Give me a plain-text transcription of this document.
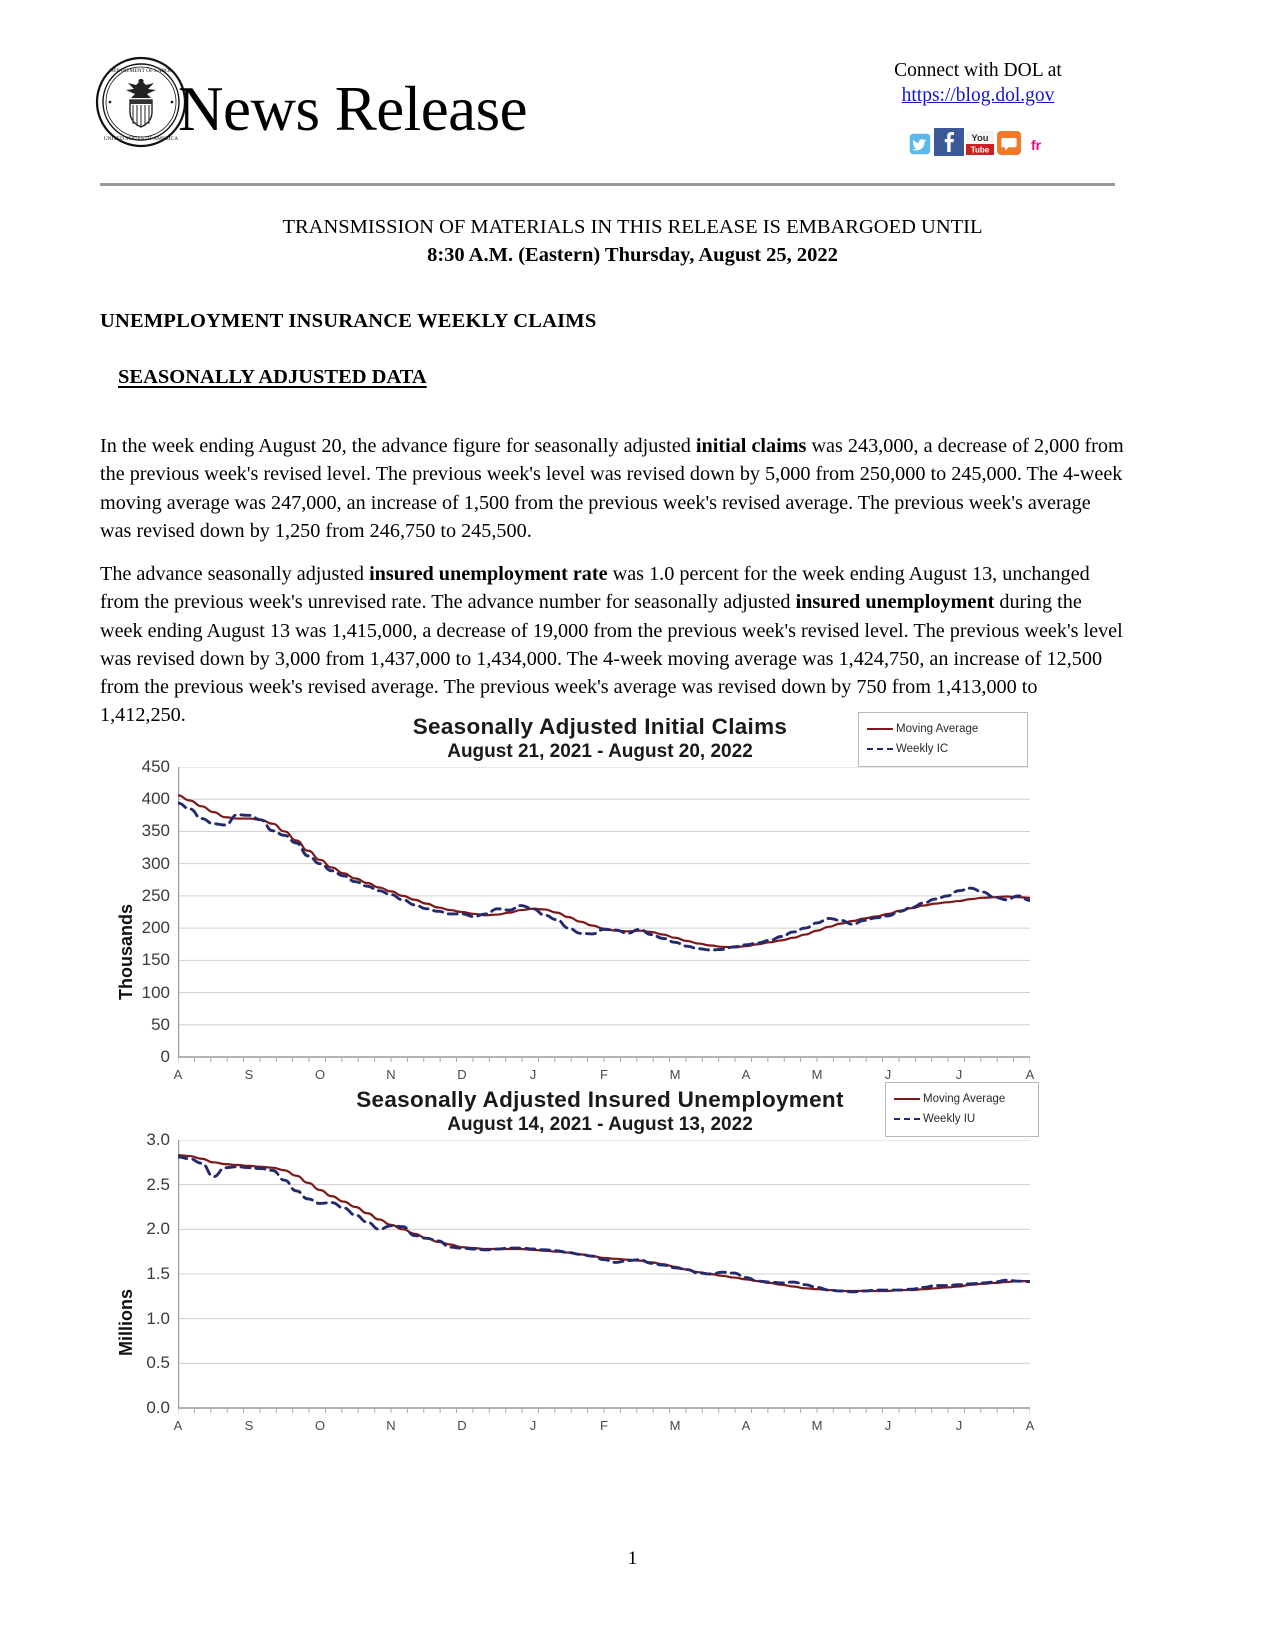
DEPARTMENT OF LABOR
UNITED STATES OF AMERICA News Release
Connect with DOL at
https://blog.dol.gov
You
Tube	fr
TRANSMISSION OF MATERIALS IN THIS RELEASE IS EMBARGOED UNTIL
8:30 A.M. (Eastern) Thursday, August 25, 2022
UNEMPLOYMENT INSURANCE WEEKLY CLAIMS
SEASONALLY ADJUSTED DATA

In the week ending August 20, the advance figure for seasonally adjusted initial claims was 243,000, a decrease of 2,000 from the previous week's revised level. The previous week's level was revised down by 5,000 from 250,000 to 245,000. The 4-week moving average was 247,000, an increase of 1,500 from the previous week's revised average. The previous week's average was revised down by 1,250 from 246,750 to 245,500.

The advance seasonally adjusted insured unemployment rate was 1.0 percent for the week ending August 13, unchanged from the previous week's unrevised rate. The advance number for seasonally adjusted insured unemployment during the week ending August 13 was 1,415,000, a decrease of 19,000 from the previous week's revised level. The previous week's level was revised down by 3,000 from 1,437,000 to 1,434,000. The 4-week moving average was 1,424,750, an increase of 12,500 from the previous week's revised average. The previous week's average was revised down by 750 from 1,413,000 to 1,412,250.	Seasonally Adjusted Initial Claims
August 21, 2021 - August 20, 2022
Moving Average
Weekly IC
Thousands
0
50
100
150
200
250
300
350
400
450
A	S	O	N	D	J	F	M	A	M	J	J	A
Seasonally Adjusted Insured Unemployment
August 14, 2021 - August 13, 2022
Moving Average
Weekly IU
Millions
0.0
0.5
1.0
1.5
2.0
2.5
3.0
A	S	O	N	D	J	F	M	A	M	J	J	A
1
